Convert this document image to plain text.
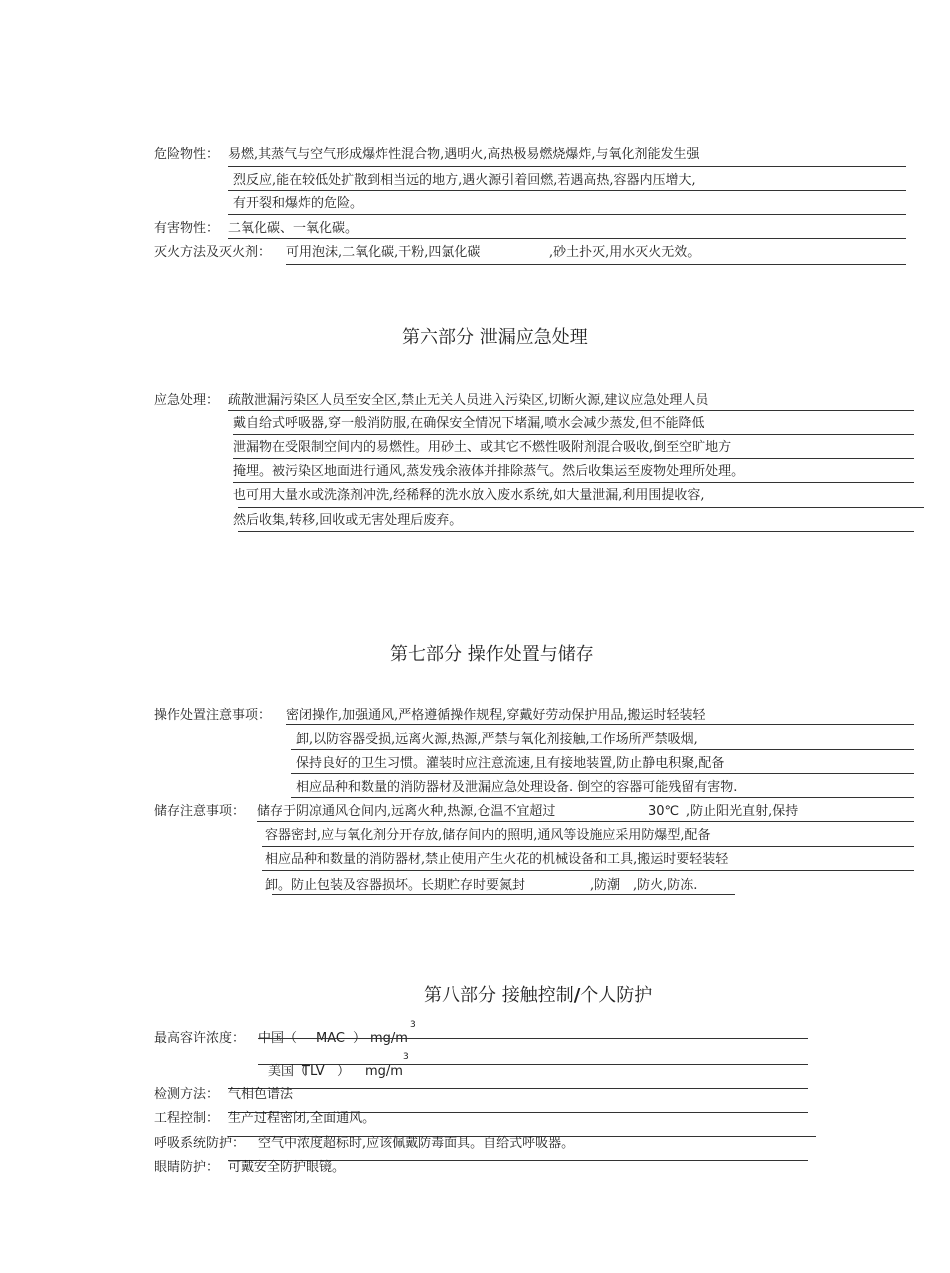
危险物性： 易燃,其蒸气与空气形成爆炸性混合物,遇明火,高热极易燃烧爆炸,与氧化剂能发生强
烈反应,能在较低处扩散到相当远的地方,遇火源引着回燃,若遇高热,容器内压增大,
有开裂和爆炸的危险。
有害物性： 二氧化碳、一氧化碳。
灭火方法及灭火剂： 可用泡沫,二氧化碳,干粉,四氯化碳	,砂土扑灭,用水灭火无效。
第六部分 泄漏应急处理
应急处理： 疏散泄漏污染区人员至安全区,禁止无关人员进入污染区,切断火源,建议应急处理人员
戴自给式呼吸器,穿一般消防服,在确保安全情况下堵漏,喷水会减少蒸发,但不能降低
泄漏物在受限制空间内的易燃性。用砂土、或其它不燃性吸附剂混合吸收,倒至空旷地方
掩埋。被污染区地面进行通风,蒸发残余液体并排除蒸气。然后收集运至废物处理所处理。
也可用大量水或洗涤剂冲洗,经稀释的洗水放入废水系统,如大量泄漏,利用围提收容,
然后收集,转移,回收或无害处理后废弃。
第七部分 操作处置与储存
操作处置注意事项： 密闭操作,加强通风,严格遵循操作规程,穿戴好劳动保护用品,搬运时轻装轻
卸,以防容器受损,远离火源,热源,严禁与氧化剂接触,工作场所严禁吸烟,
保持良好的卫生习惯。灌装时应注意流速,且有接地装置,防止静电积聚,配备
相应品种和数量的消防器材及泄漏应急处理设备. 倒空的容器可能残留有害物.
储存注意事项： 储存于阴凉通风仓间内,远离火种,热源,仓温不宜超过	30℃ ,防止阳光直射,保持
容器密封,应与氧化剂分开存放,储存间内的照明,通风等设施应采用防爆型,配备
相应品种和数量的消防器材,禁止使用产生火花的机械设备和工具,搬运时要轻装轻
卸。防止包装及容器损坏。长期贮存时要氮封	,防潮 ,防火,防冻.
第八部分 接触控制/个人防护
最高容许浓度： 中国（ MAC ） mg/m
3
美国（
TLV ） mg/m
3
检测方法： 气相色谱法
工程控制： 生产过程密闭,全面通风。
呼吸系统防护： 空气中浓度超标时,应该佩戴防毒面具。自给式呼吸器。
眼睛防护： 可戴安全防护眼镜。
